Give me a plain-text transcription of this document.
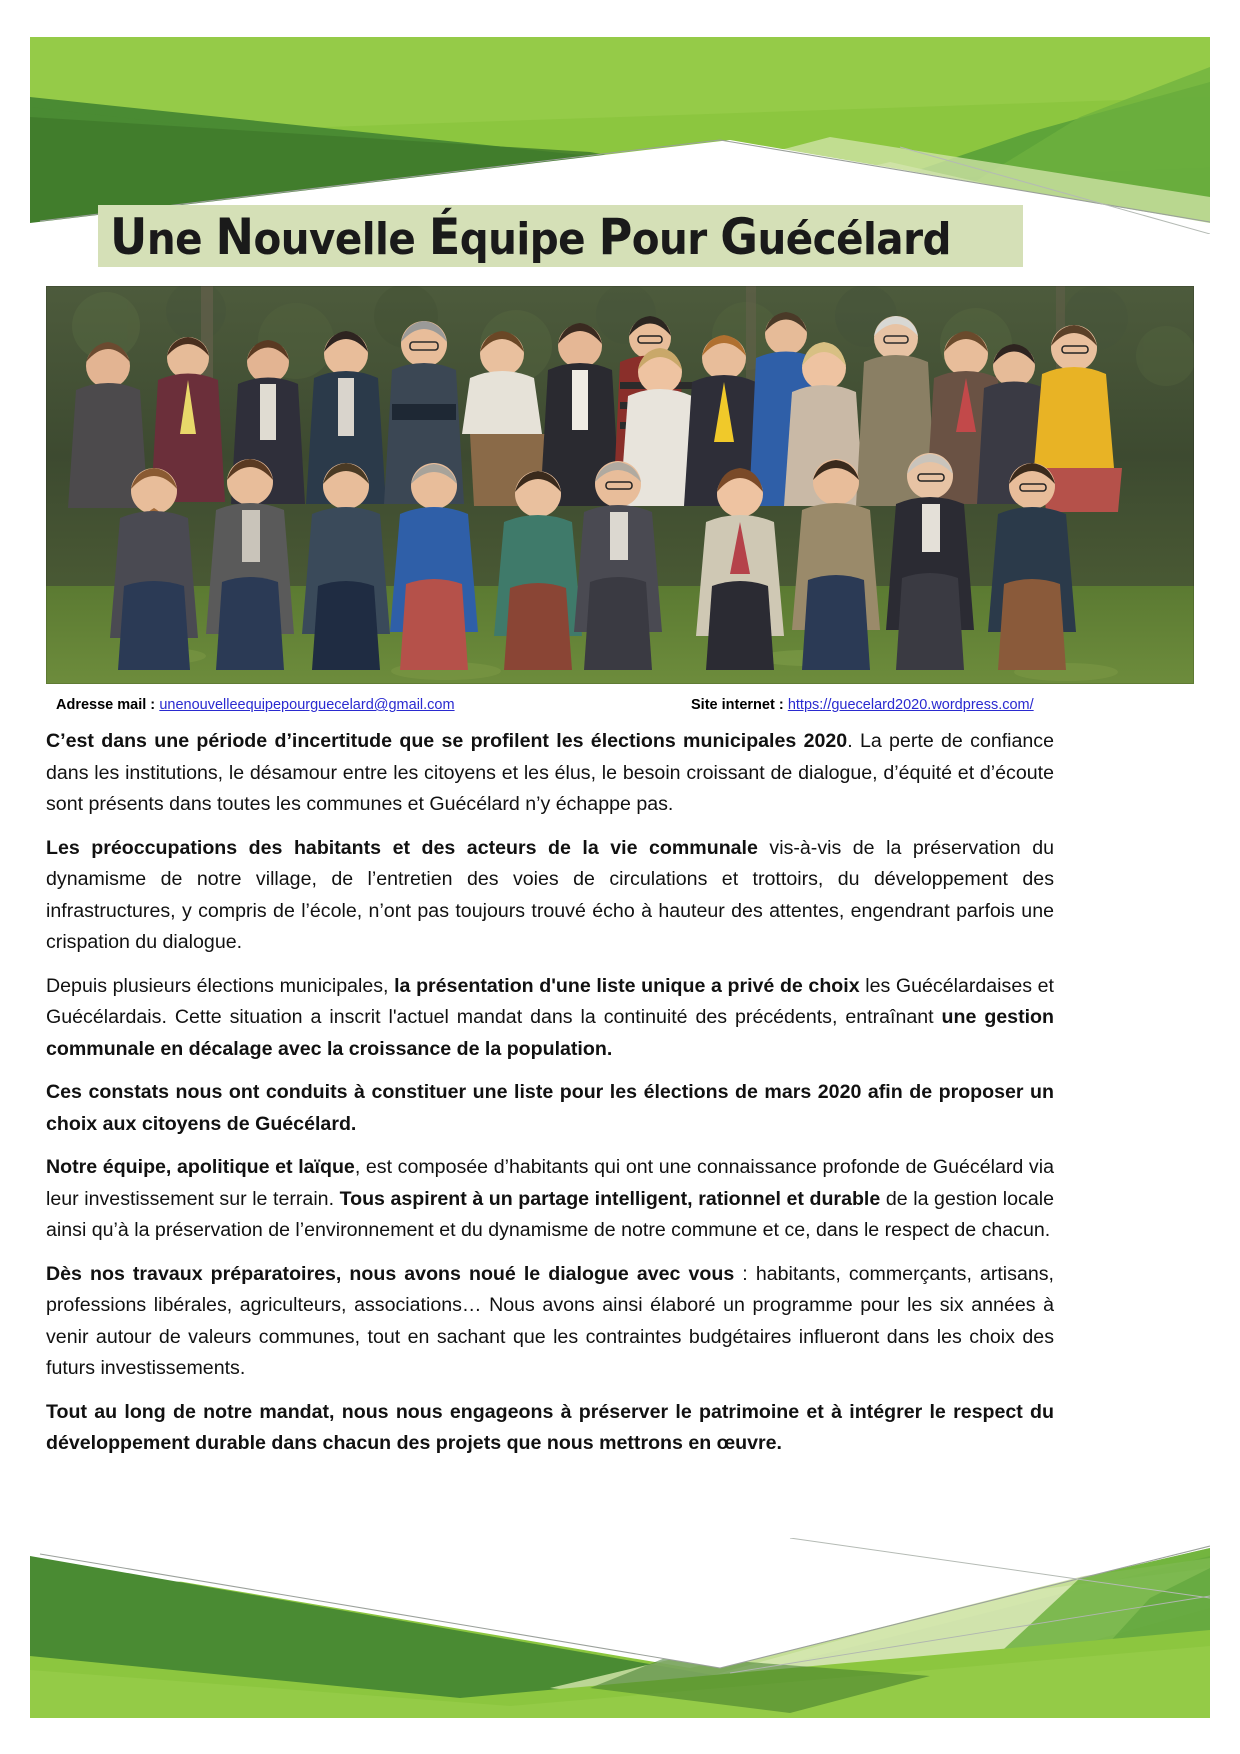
Une Nouvelle Équipe Pour Guécélard
Adresse mail : unenouvelleequipepourguecelard@gmail.com	Site internet : https://guecelard2020.wordpress.com/

C’est dans une période d’incertitude que se profilent les élections municipales 2020. La perte de confiance dans les institutions, le désamour entre les citoyens et les élus, le besoin croissant de dialogue, d’équité et d’écoute sont présents dans toutes les communes et Guécélard n’y échappe pas.

Les préoccupations des habitants et des acteurs de la vie communale vis-à-vis de la préservation du dynamisme de notre village, de l’entretien des voies de circulations et trottoirs, du développement des infrastructures, y compris de l’école, n’ont pas toujours trouvé écho à hauteur des attentes, engendrant parfois une crispation du dialogue.

Depuis plusieurs élections municipales, la présentation d'une liste unique a privé de choix les Guécélardaises et Guécélardais. Cette situation a inscrit l'actuel mandat dans la continuité des précédents, entraînant une gestion communale en décalage avec la croissance de la population.

Ces constats nous ont conduits à constituer une liste pour les élections de mars 2020 afin de proposer un choix aux citoyens de Guécélard.

Notre équipe, apolitique et laïque, est composée d’habitants qui ont une connaissance profonde de Guécélard via leur investissement sur le terrain. Tous aspirent à un partage intelligent, rationnel et durable de la gestion locale ainsi qu’à la préservation de l’environnement et du dynamisme de notre commune et ce, dans le respect de chacun.

Dès nos travaux préparatoires, nous avons noué le dialogue avec vous : habitants, commerçants, artisans, professions libérales, agriculteurs, associations… Nous avons ainsi élaboré un programme pour les six années à venir autour de valeurs communes, tout en sachant que les contraintes budgétaires influeront dans les choix des futurs investissements.

Tout au long de notre mandat, nous nous engageons à préserver le patrimoine et à intégrer le respect du développement durable dans chacun des projets que nous mettrons en œuvre.
